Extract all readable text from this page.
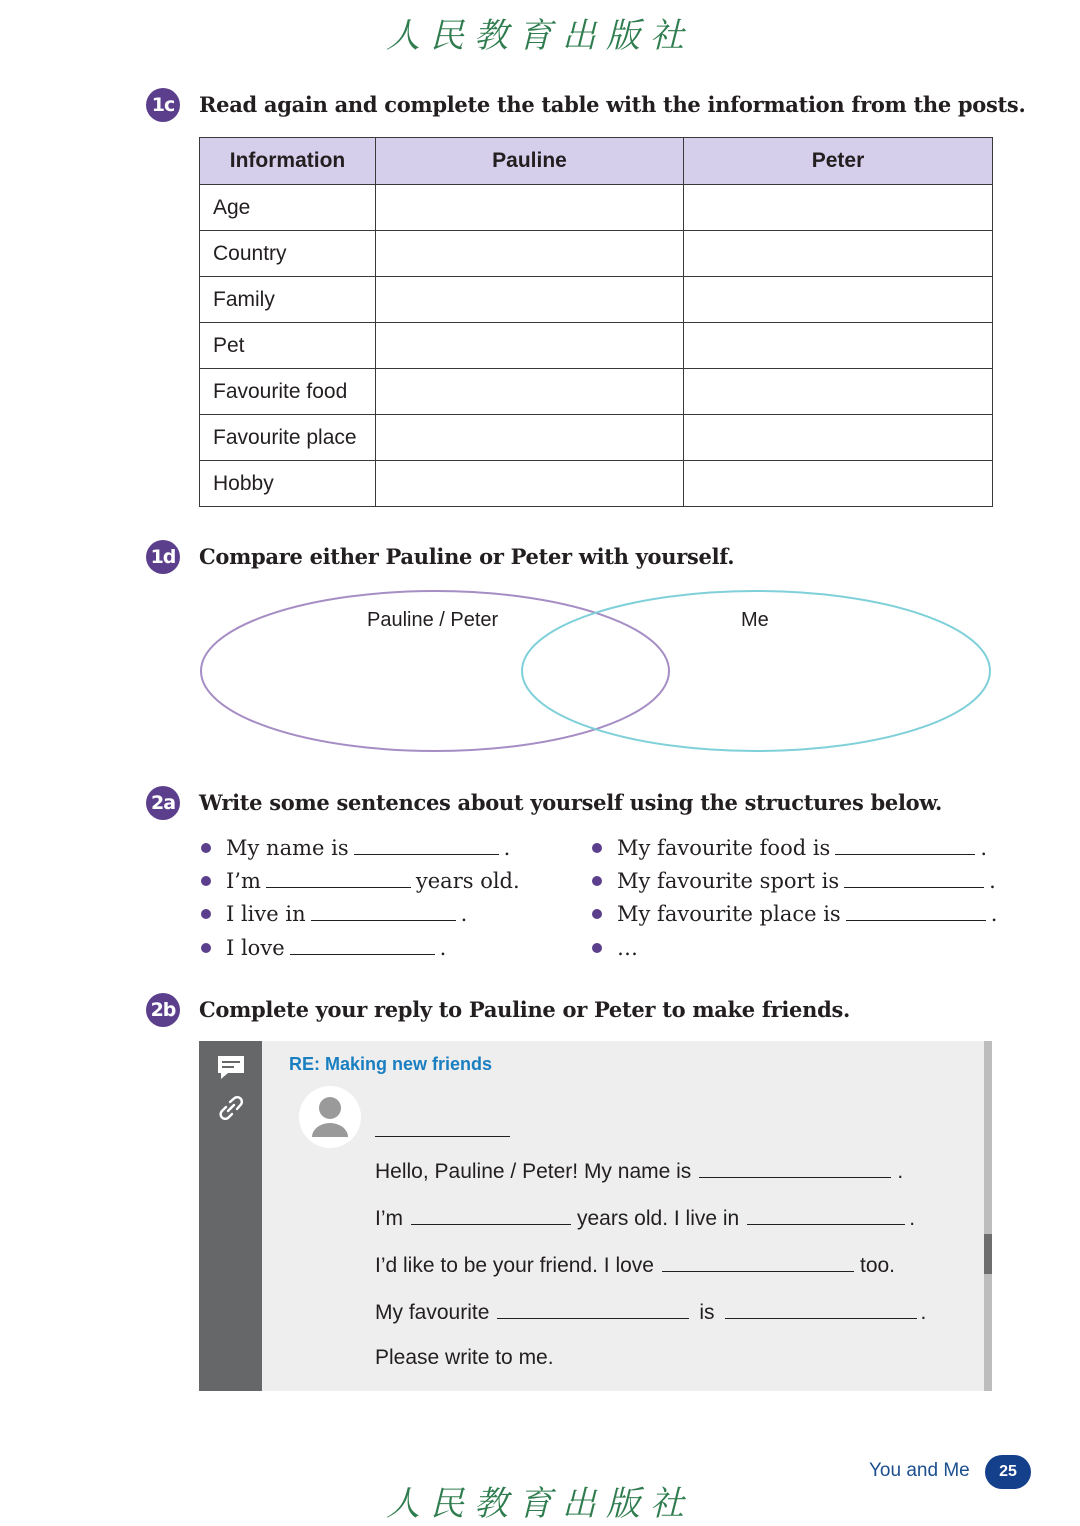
人民教育出版社
1c Read again and complete the table with the information from the posts.
Information	Pauline	Peter
Age		
Country		
Family		
Pet		
Favourite food		
Favourite place		
Hobby		
1d Compare either Pauline or Peter with yourself.
Pauline / Peter	Me
2a Write some sentences about yourself using the structures below.
My name is	.
I’m	years old.
I live in	.
I love	.
My favourite food is	.
My favourite sport is	.
My favourite place is	.
…
2b Complete your reply to Pauline or Peter to make friends.
RE: Making new friends
Hello, Pauline / Peter! My name is	.
I’m	years old. I live in	.
I’d like to be your friend. I love	too.
My favourite	is	.
Please write to me.
You and Me	25
人民教育出版社
